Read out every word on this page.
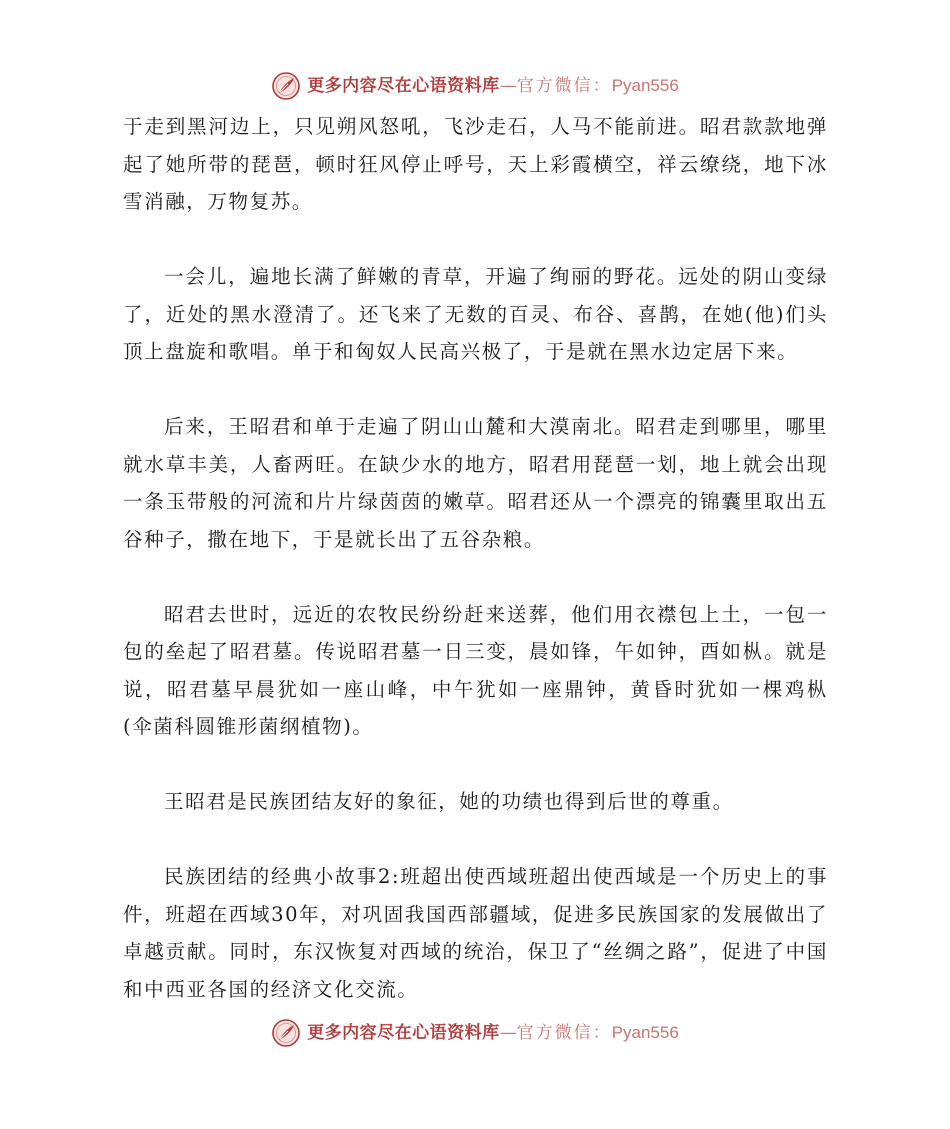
更多内容尽在心语资料库 — 官方微信： Pyan556

于走到黑河边上，只见朔风怒吼，飞沙走石，人马不能前进。昭君款款地弹起了她所带的琵琶，顿时狂风停止呼号，天上彩霞横空，祥云缭绕，地下冰雪消融，万物复苏。

一会儿，遍地长满了鲜嫩的青草，开遍了绚丽的野花。远处的阴山变绿了，近处的黑水澄清了。还飞来了无数的百灵、布谷、喜鹊，在她(他)们头顶上盘旋和歌唱。单于和匈奴人民高兴极了，于是就在黑水边定居下来。

后来，王昭君和单于走遍了阴山山麓和大漠南北。昭君走到哪里，哪里就水草丰美，人畜两旺。在缺少水的地方，昭君用琵琶一划，地上就会出现一条玉带般的河流和片片绿茵茵的嫩草。昭君还从一个漂亮的锦囊里取出五谷种子，撒在地下，于是就长出了五谷杂粮。

昭君去世时，远近的农牧民纷纷赶来送葬，他们用衣襟包上土，一包一包的垒起了昭君墓。传说昭君墓一日三变，晨如锋，午如钟，酉如枞。就是说，昭君墓早晨犹如一座山峰，中午犹如一座鼎钟，黄昏时犹如一棵鸡枞(伞菌科圆锥形菌纲植物)。

王昭君是民族团结友好的象征，她的功绩也得到后世的尊重。

民族团结的经典小故事2:班超出使西域班超出使西域是一个历史上的事件，班超在西域30年，对巩固我国西部疆域，促进多民族国家的发展做出了卓越贡献。同时，东汉恢复对西域的统治，保卫了“丝绸之路”，促进了中国和中西亚各国的经济文化交流。

更多内容尽在心语资料库 — 官方微信： Pyan556
